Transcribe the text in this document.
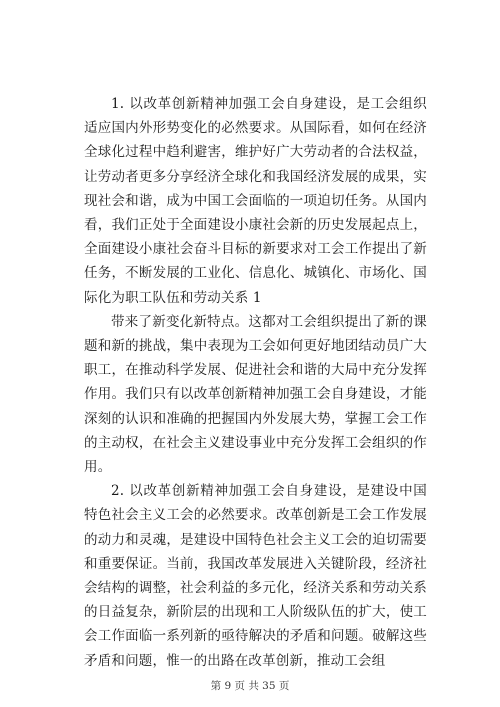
1. 以改革创新精神加强工会自身建设，是工会组织适应国内外形势变化的必然要求。从国际看，如何在经济全球化过程中趋利避害，维护好广大劳动者的合法权益，让劳动者更多分享经济全球化和我国经济发展的成果，实现社会和谐，成为中国工会面临的一项迫切任务。从国内看，我们正处于全面建设小康社会新的历史发展起点上，全面建设小康社会奋斗目标的新要求对工会工作提出了新任务，不断发展的工业化、信息化、城镇化、市场化、国际化为职工队伍和劳动关系 1

带来了新变化新特点。这都对工会组织提出了新的课题和新的挑战，集中表现为工会如何更好地团结动员广大职工，在推动科学发展、促进社会和谐的大局中充分发挥作用。我们只有以改革创新精神加强工会自身建设，才能深刻的认识和准确的把握国内外发展大势，掌握工会工作的主动权，在社会主义建设事业中充分发挥工会组织的作用。

2. 以改革创新精神加强工会自身建设，是建设中国特色社会主义工会的必然要求。改革创新是工会工作发展的动力和灵魂，是建设中国特色社会主义工会的迫切需要和重要保证。当前，我国改革发展进入关键阶段，经济社会结构的调整，社会利益的多元化，经济关系和劳动关系的日益复杂，新阶层的出现和工人阶级队伍的扩大，使工会工作面临一系列新的亟待解决的矛盾和问题。破解这些矛盾和问题，惟一的出路在改革创新，推动工会组

第 9 页 共 35 页
